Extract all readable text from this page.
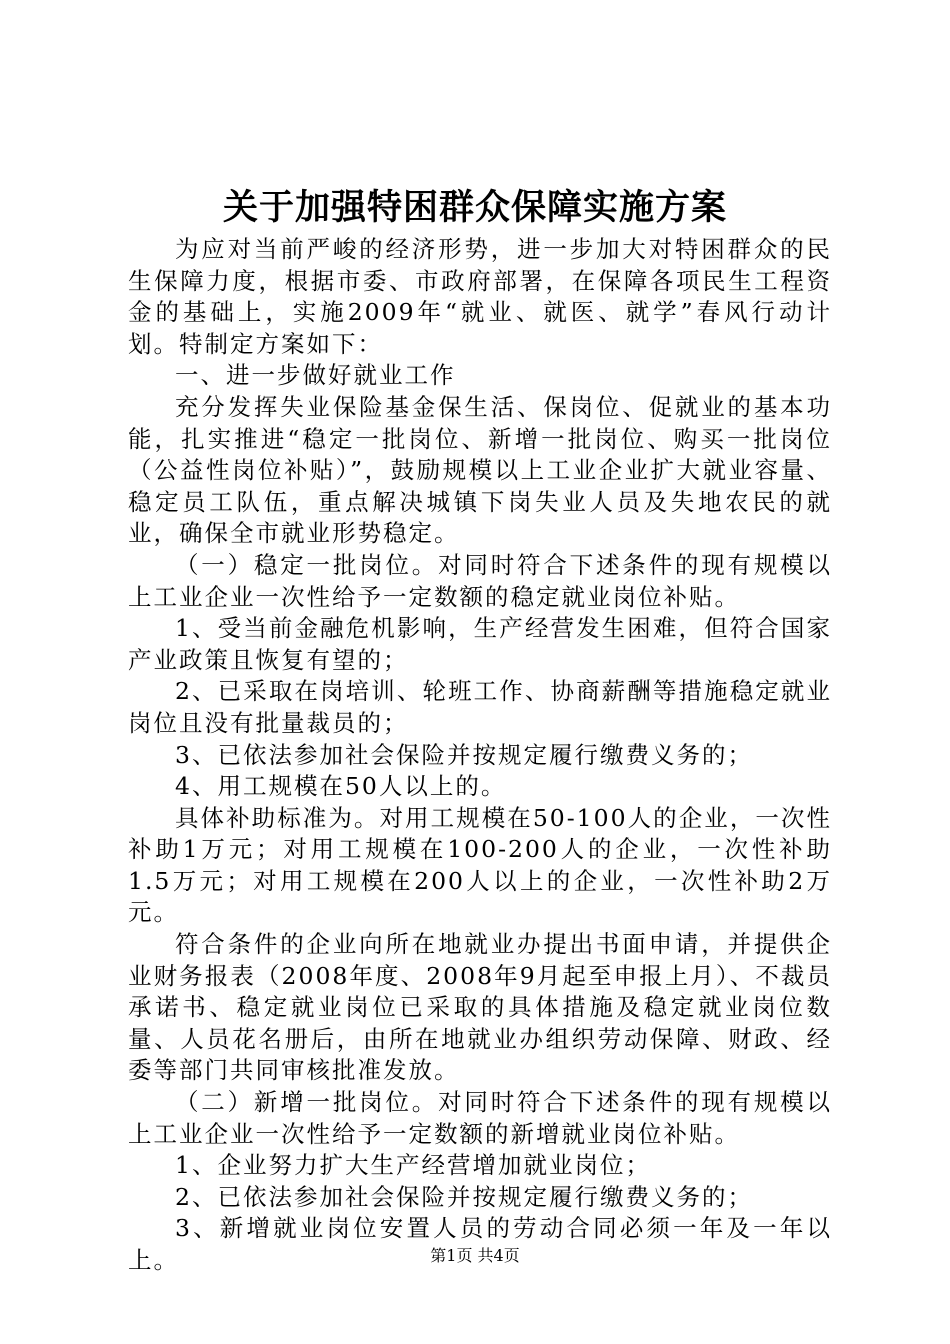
关于加强特困群众保障实施方案

为应对当前严峻的经济形势，进一步加大对特困群众的民生保障力度，根据市委、市政府部署，在保障各项民生工程资金的基础上，实施2009年“就业、就医、就学”春风行动计划。特制定方案如下：

一、进一步做好就业工作

充分发挥失业保险基金保生活、保岗位、促就业的基本功能，扎实推进“稳定一批岗位、新增一批岗位、购买一批岗位（公益性岗位补贴）”，鼓励规模以上工业企业扩大就业容量、稳定员工队伍，重点解决城镇下岗失业人员及失地农民的就业，确保全市就业形势稳定。

（一）稳定一批岗位。对同时符合下述条件的现有规模以上工业企业一次性给予一定数额的稳定就业岗位补贴。

1、受当前金融危机影响，生产经营发生困难，但符合国家产业政策且恢复有望的；

2、已采取在岗培训、轮班工作、协商薪酬等措施稳定就业岗位且没有批量裁员的；

3、已依法参加社会保险并按规定履行缴费义务的；

4、用工规模在50人以上的。

具体补助标准为。对用工规模在50-100人的企业，一次性补助1万元；对用工规模在100-200人的企业，一次性补助1.5万元；对用工规模在200人以上的企业，一次性补助2万元。

符合条件的企业向所在地就业办提出书面申请，并提供企业财务报表（2008年度、2008年9月起至申报上月）、不裁员承诺书、稳定就业岗位已采取的具体措施及稳定就业岗位数量、人员花名册后，由所在地就业办组织劳动保障、财政、经委等部门共同审核批准发放。

（二）新增一批岗位。对同时符合下述条件的现有规模以上工业企业一次性给予一定数额的新增就业岗位补贴。

1、企业努力扩大生产经营增加就业岗位；

2、已依法参加社会保险并按规定履行缴费义务的；

3、新增就业岗位安置人员的劳动合同必须一年及一年以上。	第1页 共4页
